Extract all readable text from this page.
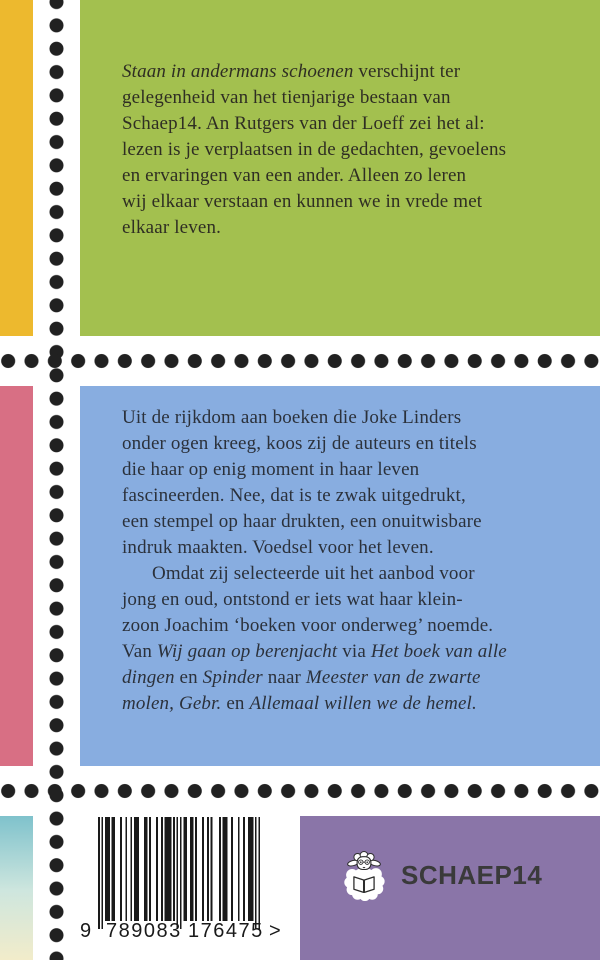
Staan in andermans schoenen verschijnt ter
gelegenheid van het tienjarige bestaan van
Schaep14. An Rutgers van der Loeff zei het al:
lezen is je verplaatsen in de gedachten, gevoelens
en ervaringen van een ander. Alleen zo leren
wij elkaar verstaan en kunnen we in vrede met
elkaar leven.
Uit de rijkdom aan boeken die Joke Linders
onder ogen kreeg, koos zij de auteurs en titels
die haar op enig moment in haar leven
fascineerden. Nee, dat is te zwak uitgedrukt,
een stempel op haar drukten, een onuitwisbare
indruk maakten. Voedsel voor het leven.
Omdat zij selecteerde uit het aanbod voor
jong en oud, ontstond er iets wat haar klein-
zoon Joachim ‘boeken voor onderweg’ noemde.
Van Wij gaan op berenjacht via Het boek van alle
dingen en Spinder naar Meester van de zwarte
molen, Gebr. en Allemaal willen we de hemel.
9 789083 176475 >
SCHAEP14
